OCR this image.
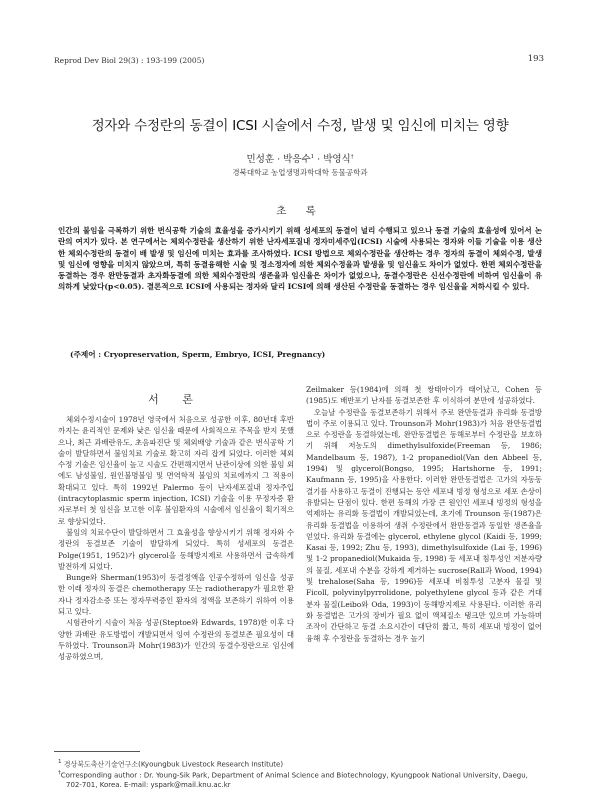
Reprod Dev Biol 29(3) : 193-199 (2005)	193
정자와 수정란의 동결이 ICSI 시술에서 수정, 발생 및 임신에 미치는 영향
민성훈 · 박응수$^1$ · 박영식†
경북대학교 농업생명과학대학 동물공학과
초 록

인간의 불임을 극복하기 위한 번식공학 기술의 효율성을 증가시키기 위해 성세포의 동결이 널리 수행되고 있으나 동결 기술의 효율성에 있어서 논란의 여지가 있다. 본 연구에서는 체외수정란을 생산하기 위한 난자세포질내 정자미세주입(ICSI) 시술에 사용되는 정자와 이들 기술을 이용 생산한 체외수정란의 동결이 배 발생 및 임신에 미치는 효과를 조사하였다. ICSI 방법으로 체외수정란을 생산하는 경우 정자의 동결이 체외수정, 발생 및 임신에 영향을 미치지 않았으며, 특히 동결융해한 시술 및 정소정자에 의한 체외수정율과 발생율 및 임신율도 차이가 없었다. 한편 체외수정란을 동결하는 경우 완만동결과 초자화동결에 의한 체외수정란의 생존율과 임신율은 차이가 없었으나, 동결수정란은 신선수정란에 비하여 임신율이 유의하게 낮았다(p<0.05). 결론적으로 ICSI에 사용되는 정자와 달리 ICSI에 의해 생산된 수정란을 동결하는 경우 임신율을 저하시킬 수 있다.

(주제어 : Cryopreservation, Sperm, Embryo, ICSI, Pregnancy)
서 론

체외수정시술이 1978년 영국에서 처음으로 성공한 이후, 80년대 후반까지는 윤리적인 문제와 낮은 임신율 때문에 사회적으로 주목을 받지 못했으나, 최근 과배란유도, 초음파진단 및 체외배양 기술과 같은 번식공학 기술이 발달하면서 불임치료 기술로 확고히 자리 잡게 되었다. 이러한 체외수정 기술은 임신율이 높고 시술도 간편해지면서 난관이상에 의한 불임 외에도 남성불임, 원인불명불임 및 면역학적 불임의 치료에까지 그 적용이 확대되고 있다. 특히 1992년 Palermo 등이 난자세포질내 정자주입(intracytoplasmic sperm injection, ICSI) 기술을 이용 무정자증 환자로부터 첫 임신을 보고한 이후 불임환자의 시술에서 임신율이 획기적으로 향상되었다.

불임의 치료수단이 발달하면서 그 효율성을 향상시키기 위해 정자와 수정란의 동결보존 기술이 발달하게 되었다. 특히 성세포의 동결은 Polge(1951, 1952)가 glycerol을 동해방지제로 사용하면서 급속하게 발전하게 되었다.

Bunge와 Sherman(1953)이 동결정액을 인공수정하여 임신을 성공한 이래 정자의 동결은 chemotherapy 또는 radiotherapy가 필요한 환자나 정자감소증 또는 정자무력증인 환자의 정액을 보존하기 위하여 이용되고 있다.

시험관아기 시술이 처음 성공(Steptoe와 Edwards, 1978)한 이후 다양한 과배란 유도방법이 개발되면서 잉여 수정란의 동결보존 필요성이 대두하였다. Trounson과 Mohr(1983)가 인간의 동결수정란으로 임신에 성공하였으며,

Zeilmaker 등(1984)에 의해 첫 쌍태아이가 태어났고, Cohen 등(1985)도 배반포기 난자를 동결보존한 후 이식하여 분만에 성공하였다.

오늘날 수정란을 동결보존하기 위해서 주로 완만동결과 유리화 동결방법이 주로 이용되고 있다. Trounson과 Mohr(1983)가 처음 완만동결법으로 수정란을 동결하였는데, 완만동결법은 동해로부터 수정란을 보호하기 위해 저농도의 dimethylsulfoxide(Freeman 등, 1986; Mandelbaum 등, 1987), 1-2 propanediol(Van den Abbeel 등, 1994) 및 glycerol(Bongso, 1995; Hartshorne 등, 1991; Kaufmann 등, 1995)을 사용한다. 이러한 완만동결법은 고가의 자동동결기를 사용하고 동결이 진행되는 동안 세포내 빙정 형성으로 세포 손상이 유발되는 단점이 있다. 한편 동해의 가장 큰 원인인 세포내 빙정의 형성을 억제하는 유리화 동결법이 개발되었는데, 초기에 Trounson 등(1987)은 유리화 동결법을 이용하여 생쥐 수정란에서 완만동결과 동일한 생존율을 얻었다. 유리화 동결에는 glycerol, ethylene glycol (Kaidi 등, 1999; Kasai 등, 1992; Zhu 등, 1993), dimethylsulfoxide (Lai 등, 1996) 및 1-2 propanediol(Mukaida 등, 1998) 등 세포내 침투성인 저분자량의 물질, 세포내 수분을 강하게 제거하는 sucrose(Rall과 Wood, 1994) 및 trehalose(Saha 등, 1996)등 세포내 비침투성 고분자 물질 및 Ficoll, polyvinylpyrrolidone, polyethylene glycol 등과 같은 거대분자 물질(Leibo와 Oda, 1993)이 동해방지제로 사용된다. 이러한 유리화 동결법은 고가의 장비가 필요 없이 액체질소 탱크만 있으며 가능하며 조작이 간단하고 동결 소요시간이 대단히 짧고, 특히 세포내 빙정이 없어 융해 후 수정란을 동결하는 경우 높기

$^1$ 경상북도축산기술연구소(Kyoungbuk Livestock Research Institute)
†Corresponding author : Dr. Young-Sik Park, Department of Animal Science and Biotechnology, Kyungpook National University, Daegu,
702-701, Korea. E-mail: yspark@mail.knu.ac.kr
